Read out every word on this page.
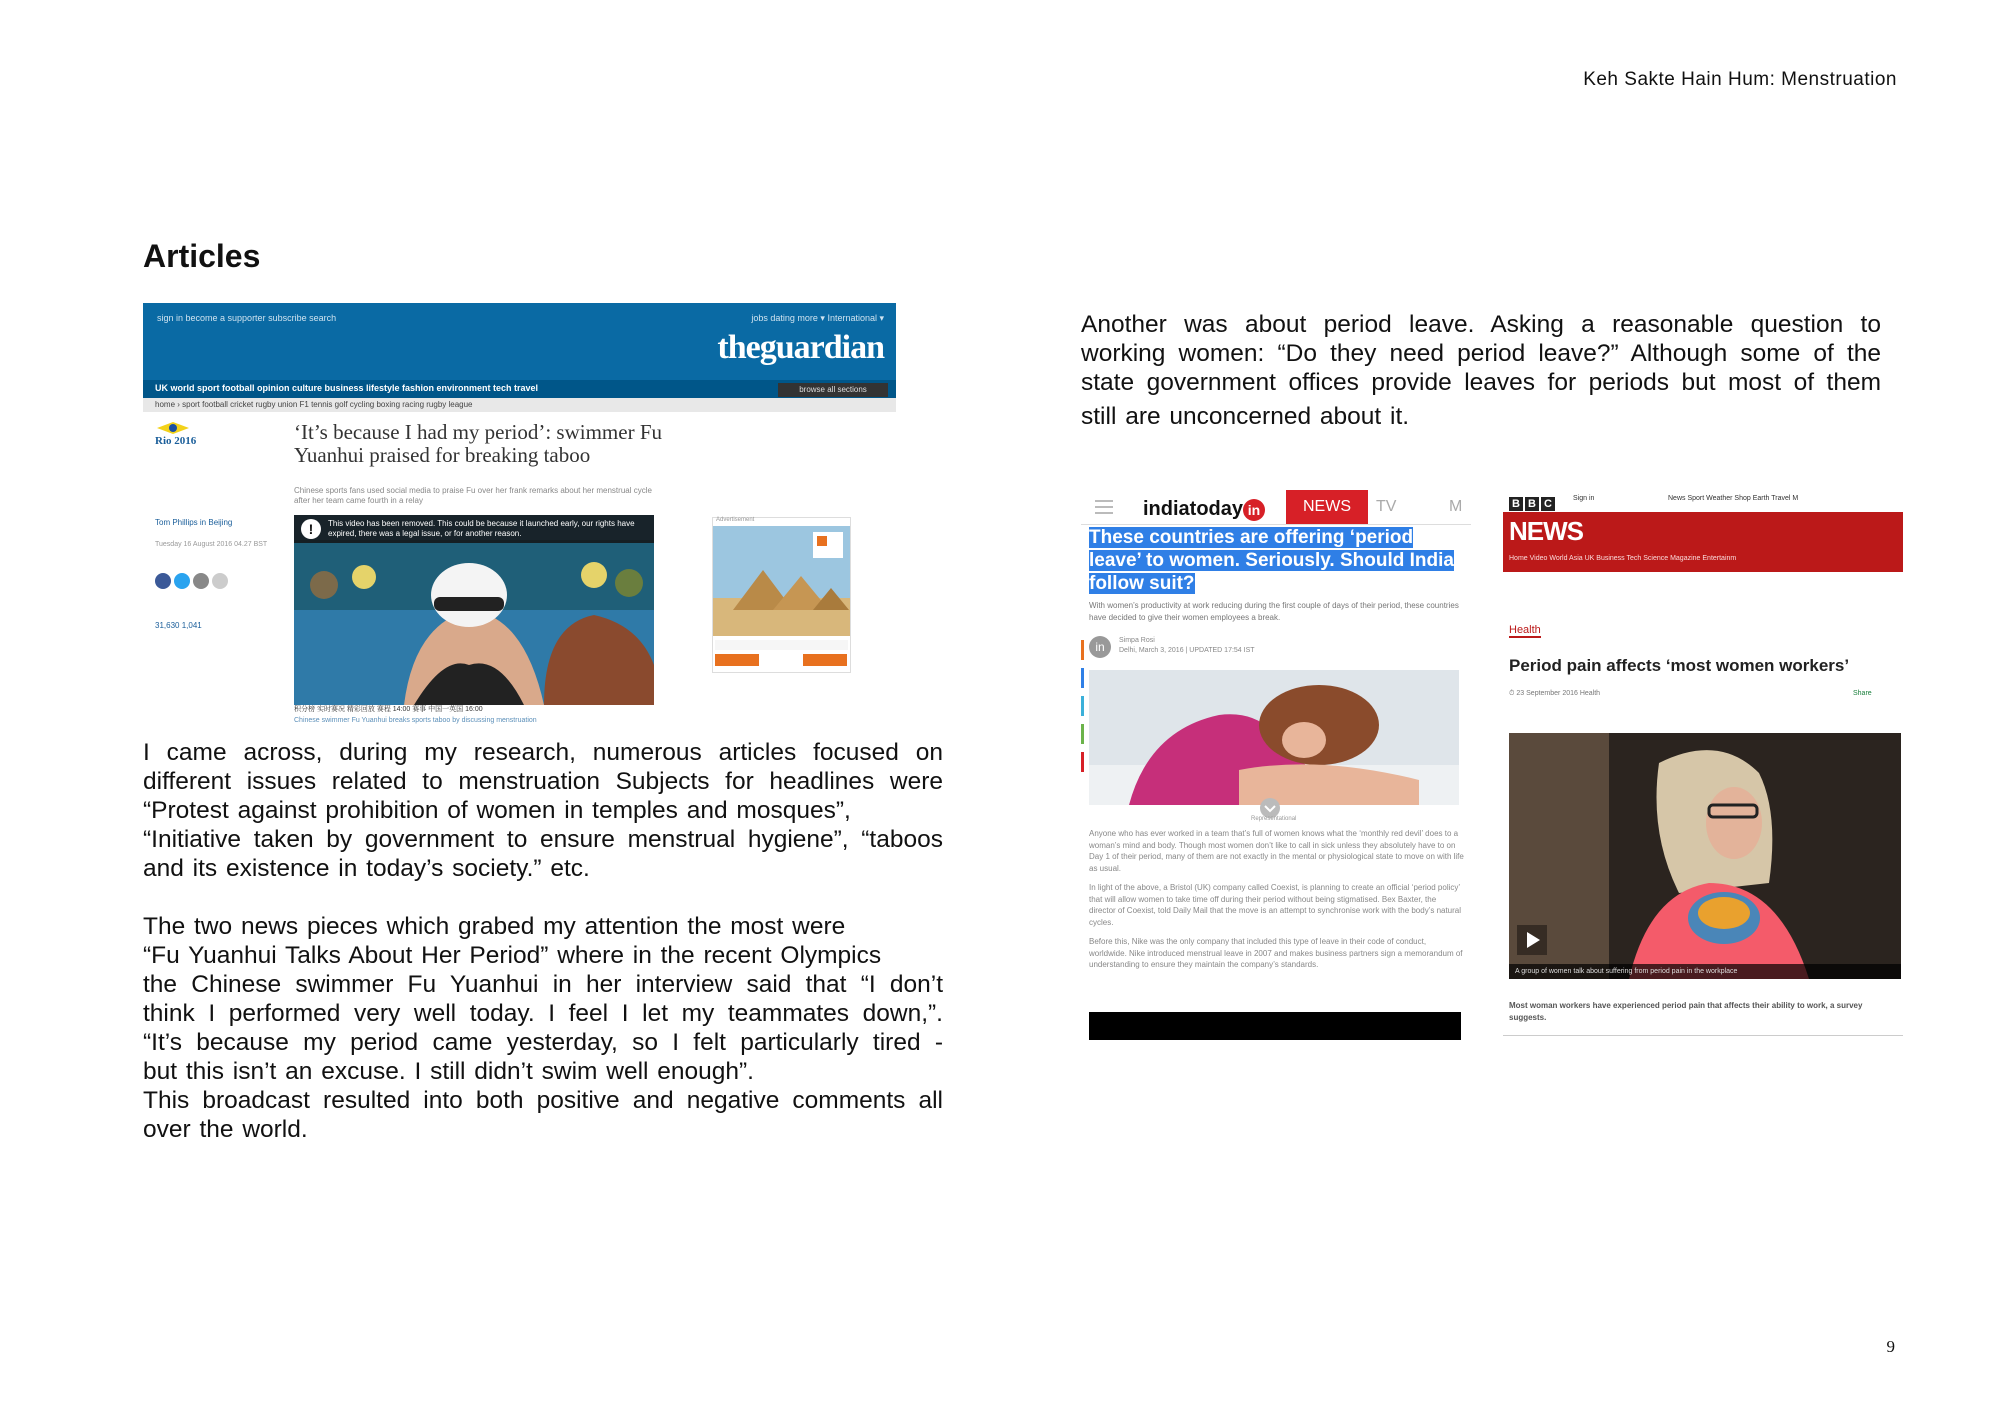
Keh Sakte Hain Hum: Menstruation
Articles
sign in become a supporter subscribe search	jobs dating more ▾ International ▾
theguardian
UK world sport football opinion culture business lifestyle fashion environment tech travel	browse all sections
home › sport football cricket rugby union F1 tennis golf cycling boxing racing rugby league
Rio 2016	‘It’s because I had my period’: swimmer Fu Yuanhui praised for breaking taboo
Chinese sports fans used social media to praise Fu over her frank remarks about her menstrual cycle after her team came fourth in a relay
Tom Phillips in Beijing
Tuesday 16 August 2016 04.27 BST
31,630 1,041
This video has been removed. This could be because it launched early, our rights have expired, there was a legal issue, or for another reason.
!
积分榜 实时赛况 精彩回放 赛程 14:00 赛事 中国一英国 16:00
Chinese swimmer Fu Yuanhui breaks sports taboo by discussing menstruation
Advertisement
I came across, during my research, numerous articles focused on
different issues related to menstruation Subjects for headlines were
“Protest against prohibition of women in temples and mosques”,
“Initiative taken by government to ensure menstrual hygiene”, “taboos
and its existence in today’s society.” etc.
The two news pieces which grabed my attention the most were
“Fu Yuanhui Talks About Her Period” where in the recent Olympics
the Chinese swimmer Fu Yuanhui in her interview said that “I don’t
think I performed very well today. I feel I let my teammates down,”.
“It’s because my period came yesterday, so I felt particularly tired -
but this isn’t an excuse. I still didn’t swim well enough”.
This broadcast resulted into both positive and negative comments all
over the world.
Another was about period leave. Asking a reasonable question to
working women: “Do they need period leave?” Although some of the
state government offices provide leaves for periods but most of them
still are unconcerned about it.
indiatoday in	NEWS	TV	M
These countries are offering ‘period leave’ to women. Seriously. Should India follow suit?
With women’s productivity at work reducing during the first couple of days of their period, these countries have decided to give their women employees a break.
in	Simpa Rosi
Delhi, March 3, 2016 | UPDATED 17:54 IST
Representational

Anyone who has ever worked in a team that’s full of women knows what the ‘monthly red devil’ does to a woman’s mind and body. Though most women don’t like to call in sick unless they absolutely have to on Day 1 of their period, many of them are not exactly in the mental or physiological state to move on with life as usual.

In light of the above, a Bristol (UK) company called Coexist, is planning to create an official ‘period policy’ that will allow women to take time off during their period without being stigmatised. Bex Baxter, the director of Coexist, told Daily Mail that the move is an attempt to synchronise work with the body’s natural cycles.

Before this, Nike was the only company that included this type of leave in their code of conduct, worldwide. Nike introduced menstrual leave in 2007 and makes business partners sign a memorandum of understanding to ensure they maintain the company’s standards.

B B C	Sign in	News Sport Weather Shop Earth Travel M
NEWS
Home Video World Asia UK Business Tech Science Magazine Entertainm
Health
Period pain affects ‘most women workers’
⏱ 23 September 2016 Health	Share
A group of women talk about suffering from period pain in the workplace
Most woman workers have experienced period pain that affects their ability to work, a survey suggests.
9
